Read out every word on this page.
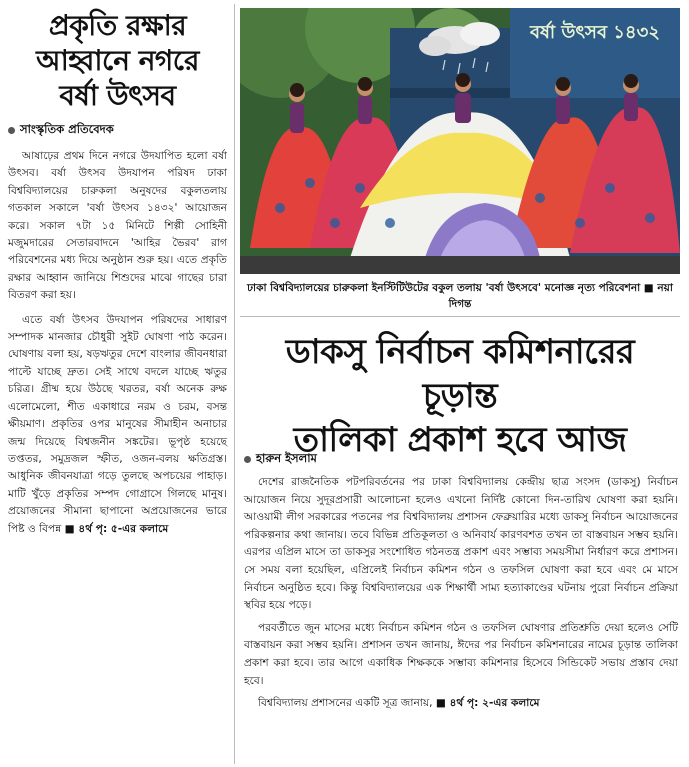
প্রকৃতি রক্ষার
আহ্বানে নগরে
বর্ষা উৎসব
সাংস্কৃতিক প্রতিবেদক

আষাঢ়ের প্রথম দিনে নগরে উদযাপিত হলো বর্ষা উৎসব। বর্ষা উৎসব উদযাপন পরিষদ ঢাকা বিশ্ববিদ্যালয়ের চারুকলা অনুষদের বকুলতলায় গতকাল সকালে 'বর্ষা উৎসব ১৪৩২' আয়োজন করে। সকাল ৭টা ১৫ মিনিটে শিল্পী সোহিনী মজুমদারের সেতারবাদনে 'আহির ভৈরব' রাগ পরিবেশনের মধ্য দিয়ে অনুষ্ঠান শুরু হয়। এতে প্রকৃতি রক্ষার আহ্বান জানিয়ে শিশুদের মাঝে গাছের চারা বিতরণ করা হয়।

এতে বর্ষা উৎসব উদযাপন পরিষদের সাধারণ সম্পাদক মানজার চৌধুরী সুইট ঘোষণা পাঠ করেন। ঘোষণায় বলা হয়, ষড়ঋতুর দেশে বাংলার জীবনধারা পাল্টে যাচ্ছে দ্রুত। সেই সাথে বদলে যাচ্ছে ঋতুর চরিত্র। গ্রীষ্ম হয়ে উঠছে খরতর, বর্ষা অনেক রুক্ষ এলোমেলো, শীত একাধারে নরম ও চরম, বসন্ত ক্ষীয়মাণ। প্রকৃতির ওপর মানুষের সীমাহীন অনাচার জন্ম দিয়েছে বিশ্বজনীন সঙ্কটের। ভূপৃষ্ঠ হয়েছে তপ্ততর, সমুদ্রজল স্ফীত, ওজন-বলয় ক্ষতিগ্রস্ত। আধুনিক জীবনযাত্রা গড়ে তুলছে অপচয়ের পাহাড়। মাটি খুঁড়ে প্রকৃতির সম্পদ গোগ্রাসে গিলছে মানুষ। প্রয়োজনের সীমানা ছাপানো অপ্রয়োজনের ভারে পিষ্ট ও বিপন্ন ■ ৪র্থ পৃ: ৫-এর কলামে

বর্ষা উৎসব ১৪৩২
ঢাকা বিশ্ববিদ্যালয়ের চারুকলা ইনস্টিটিউটের বকুল তলায় 'বর্ষা উৎসবে' মনোজ্ঞ নৃত্য পরিবেশনা ■ নয়া দিগন্ত
ডাকসু নির্বাচন কমিশনারের চূড়ান্ত
তালিকা প্রকাশ হবে আজ
হারুন ইসলাম

দেশের রাজনৈতিক পটপরিবর্তনের পর ঢাকা বিশ্ববিদ্যালয় কেন্দ্রীয় ছাত্র সংসদ (ডাকসু) নির্বাচন আয়োজন নিয়ে সুদূরপ্রসারী আলোচনা হলেও এখনো নির্দিষ্ট কোনো দিন-তারিখ ঘোষণা করা হয়নি। আওয়ামী লীগ সরকারের পতনের পর বিশ্ববিদ্যালয় প্রশাসন ফেব্রুয়ারির মধ্যে ডাকসু নির্বাচন আয়োজনের পরিকল্পনার কথা জানায়। তবে বিভিন্ন প্রতিকূলতা ও অনিবার্য কারণবশত তখন তা বাস্তবায়ন সম্ভব হয়নি। এরপর এপ্রিল মাসে তা ডাকসুর সংশোধিত গঠনতন্ত্র প্রকাশ এবং সম্ভাব্য সময়সীমা নির্ধারণ করে প্রশাসন। সে সময় বলা হয়েছিল, এপ্রিলেই নির্বাচন কমিশন গঠন ও তফসিল ঘোষণা করা হবে এবং মে মাসে নির্বাচন অনুষ্ঠিত হবে। কিন্তু বিশ্ববিদ্যালয়ের এক শিক্ষার্থী সাম্য হত্যাকাণ্ডের ঘটনায় পুরো নির্বাচন প্রক্রিয়া স্থবির হয়ে পড়ে।

পরবর্তীতে জুন মাসের মধ্যে নির্বাচন কমিশন গঠন ও তফসিল ঘোষণার প্রতিশ্রুতি দেয়া হলেও সেটি বাস্তবায়ন করা সম্ভব হয়নি। প্রশাসন তখন জানায়, ঈদের পর নির্বাচন কমিশনারের নামের চূড়ান্ত তালিকা প্রকাশ করা হবে। তার আগে একাধিক শিক্ষককে সম্ভাব্য কমিশনার হিসেবে সিন্ডিকেট সভায় প্রস্তাব দেয়া হবে।

বিশ্ববিদ্যালয় প্রশাসনের একটি সূত্র জানায়, ■ ৪র্থ পৃ: ২-এর কলামে
